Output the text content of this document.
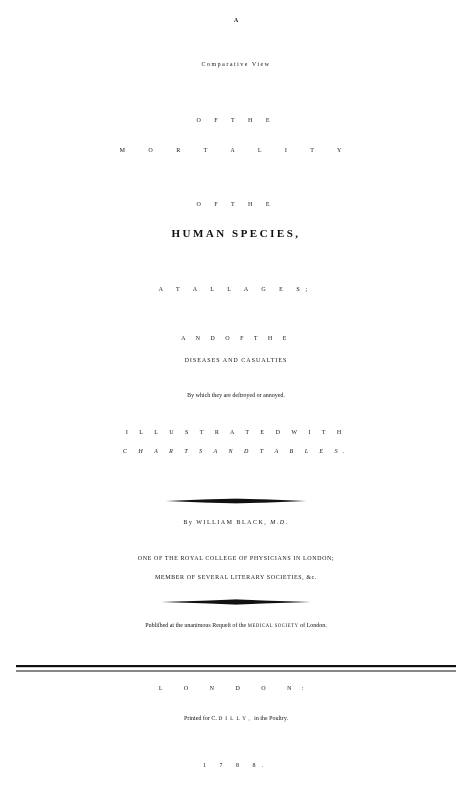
A
Comparative View
O F T H E
M O R T A L I T Y
O F T H E
HUMAN SPECIES,
A T A L L A G E S;
A N D O F T H E
DISEASES AND CASUALTIES
By which they are deſtroyed or annoyed.
I L L U S T R A T E D W I T H
C H A R T S A N D T A B L E S.
By WILLIAM BLACK, M.D.
ONE OF THE ROYAL COLLEGE OF PHYSICIANS IN LONDON;
MEMBER OF SEVERAL LITERARY SOCIETIES, &c.
Publiſhed at the unanimous Requeſt of the MEDICAL SOCIETY of London.
L O N D O N:
Printed for C. DILLY, in the Poultry.
1 7 8 8.
